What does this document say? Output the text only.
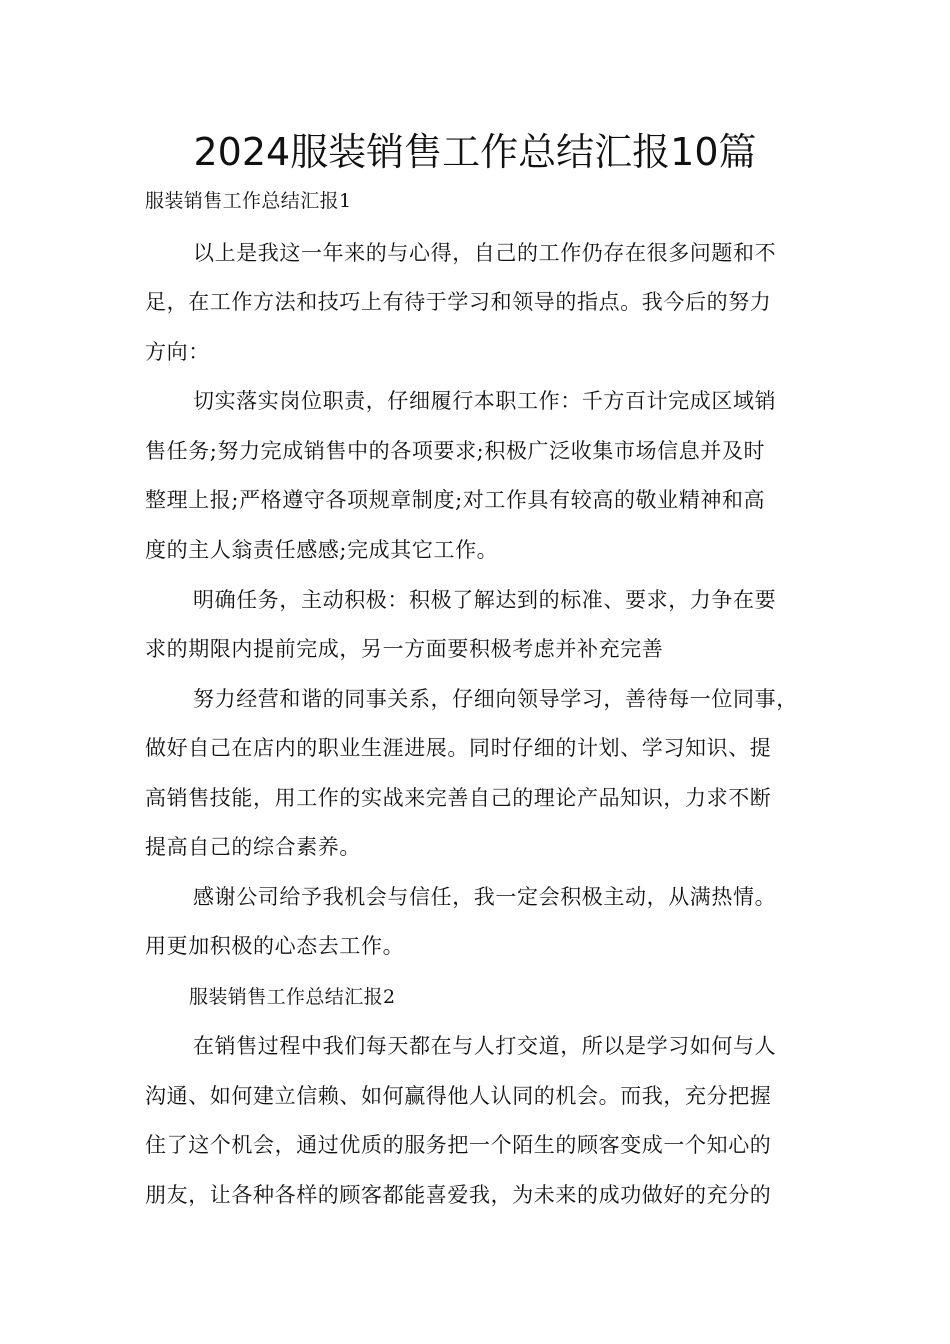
2024服装销售工作总结汇报10篇

服装销售工作总结汇报1

以上是我这一年来的与心得，自己的工作仍存在很多问题和不

足，在工作方法和技巧上有待于学习和领导的指点。我今后的努力

方向：

切实落实岗位职责，仔细履行本职工作：千方百计完成区域销

售任务;努力完成销售中的各项要求;积极广泛收集市场信息并及时

整理上报;严格遵守各项规章制度;对工作具有较高的敬业精神和高

度的主人翁责任感感;完成其它工作。

明确任务，主动积极：积极了解达到的标准、要求，力争在要

求的期限内提前完成，另一方面要积极考虑并补充完善

努力经营和谐的同事关系，仔细向领导学习，善待每一位同事，

做好自己在店内的职业生涯进展。同时仔细的计划、学习知识、提

高销售技能，用工作的实战来完善自己的理论产品知识，力求不断

提高自己的综合素养。

感谢公司给予我机会与信任，我一定会积极主动，从满热情。

用更加积极的心态去工作。

服装销售工作总结汇报2

在销售过程中我们每天都在与人打交道，所以是学习如何与人

沟通、如何建立信赖、如何赢得他人认同的机会。而我，充分把握

住了这个机会，通过优质的服务把一个陌生的顾客变成一个知心的

朋友，让各种各样的顾客都能喜爱我，为未来的成功做好的充分的
